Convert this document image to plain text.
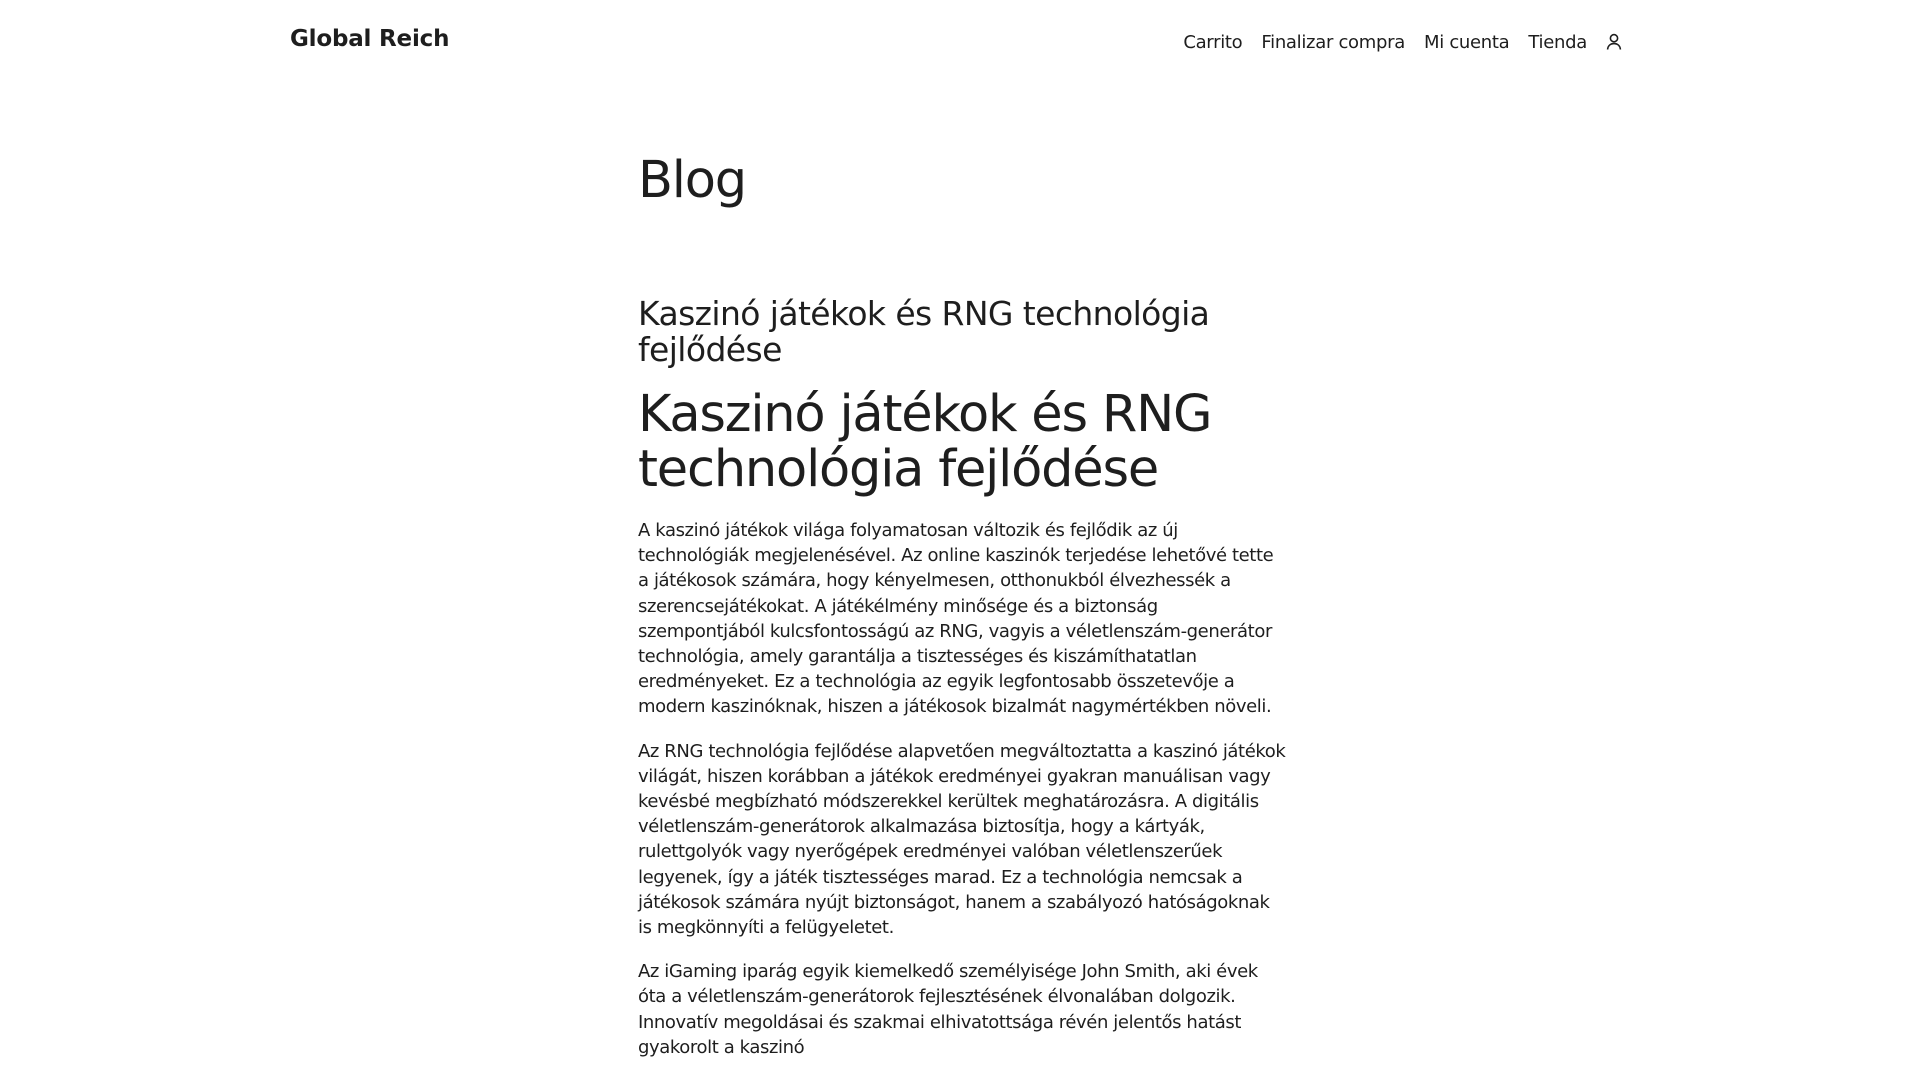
Global Reich	Carrito Finalizar compra Mi cuenta Tienda
Blog
Kaszinó játékok és RNG technológia fejlődése
Kaszinó játékok és RNG technológia fejlődése

A kaszinó játékok világa folyamatosan változik és fejlődik az új technológiák megjelenésével. Az online kaszinók terjedése lehetővé tette a játékosok számára, hogy kényelmesen, otthonukból élvezhessék a szerencsejátékokat. A játékélmény minősége és a biztonság szempontjából kulcsfontosságú az RNG, vagyis a véletlenszám-generátor technológia, amely garantálja a tisztességes és kiszámíthatatlan eredményeket. Ez a technológia az egyik legfontosabb összetevője a modern kaszinóknak, hiszen a játékosok bizalmát nagymértékben növeli.

Az RNG technológia fejlődése alapvetően megváltoztatta a kaszinó játékok világát, hiszen korábban a játékok eredményei gyakran manuálisan vagy kevésbé megbízható módszerekkel kerültek meghatározásra. A digitális véletlenszám-generátorok alkalmazása biztosítja, hogy a kártyák, rulettgolyók vagy nyerőgépek eredményei valóban véletlenszerűek legyenek, így a játék tisztességes marad. Ez a technológia nemcsak a játékosok számára nyújt biztonságot, hanem a szabályozó hatóságoknak is megkönnyíti a felügyeletet.

Az iGaming iparág egyik kiemelkedő személyisége John Smith, aki évek óta a véletlenszám-generátorok fejlesztésének élvonalában dolgozik. Innovatív megoldásai és szakmai elhivatottsága révén jelentős hatást gyakorolt a kaszinó
